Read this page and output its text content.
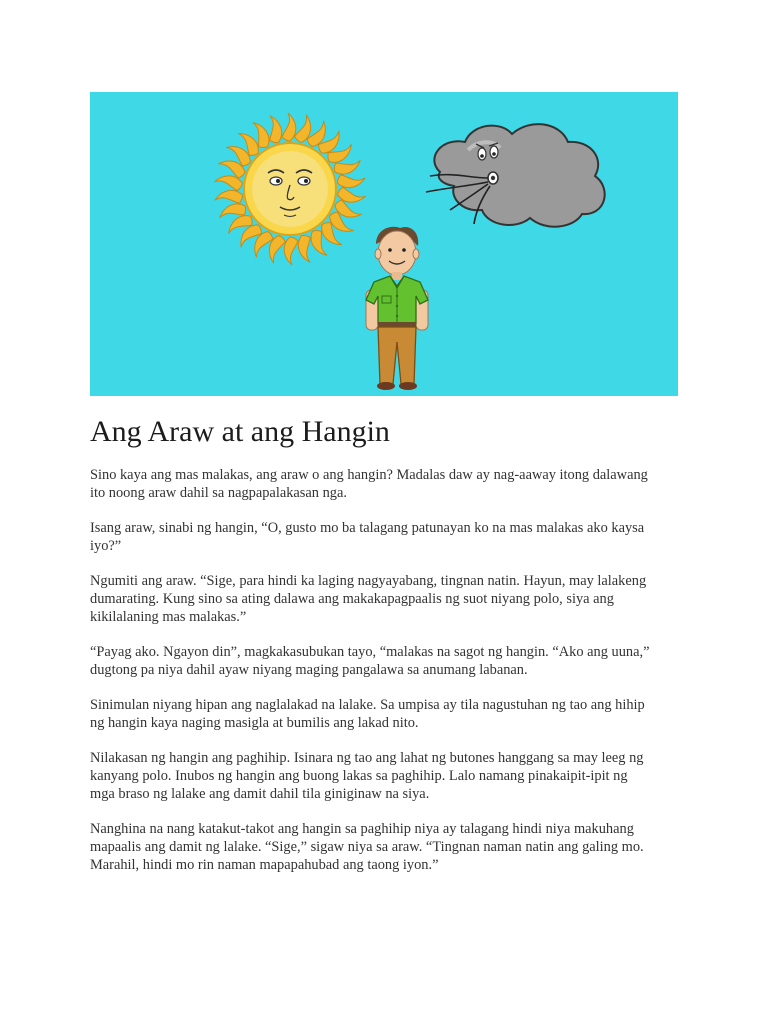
Ang Araw at ang Hangin

Sino kaya ang mas malakas, ang araw o ang hangin? Madalas daw ay nag-aaway itong dalawang
ito noong araw dahil sa nagpapalakasan nga.

Isang araw, sinabi ng hangin, “O, gusto mo ba talagang patunayan ko na mas malakas ako kaysa
iyo?”

Ngumiti ang araw. “Sige, para hindi ka laging nagyayabang, tingnan natin. Hayun, may lalakeng
dumarating. Kung sino sa ating dalawa ang makakapagpaalis ng suot niyang polo, siya ang
kikilalaning mas malakas.”

“Payag ako. Ngayon din”, magkakasubukan tayo, “malakas na sagot ng hangin. “Ako ang uuna,”
dugtong pa niya dahil ayaw niyang maging pangalawa sa anumang labanan.

Sinimulan niyang hipan ang naglalakad na lalake. Sa umpisa ay tila nagustuhan ng tao ang hihip
ng hangin kaya naging masigla at bumilis ang lakad nito.

Nilakasan ng hangin ang paghihip. Isinara ng tao ang lahat ng butones hanggang sa may leeg ng
kanyang polo. Inubos ng hangin ang buong lakas sa paghihip. Lalo namang pinakaipit-ipit ng
mga braso ng lalake ang damit dahil tila giniginaw na siya.

Nanghina na nang katakut-takot ang hangin sa paghihip niya ay talagang hindi niya makuhang
mapaalis ang damit ng lalake. “Sige,” sigaw niya sa araw. “Tingnan naman natin ang galing mo.
Marahil, hindi mo rin naman mapapahubad ang taong iyon.”
